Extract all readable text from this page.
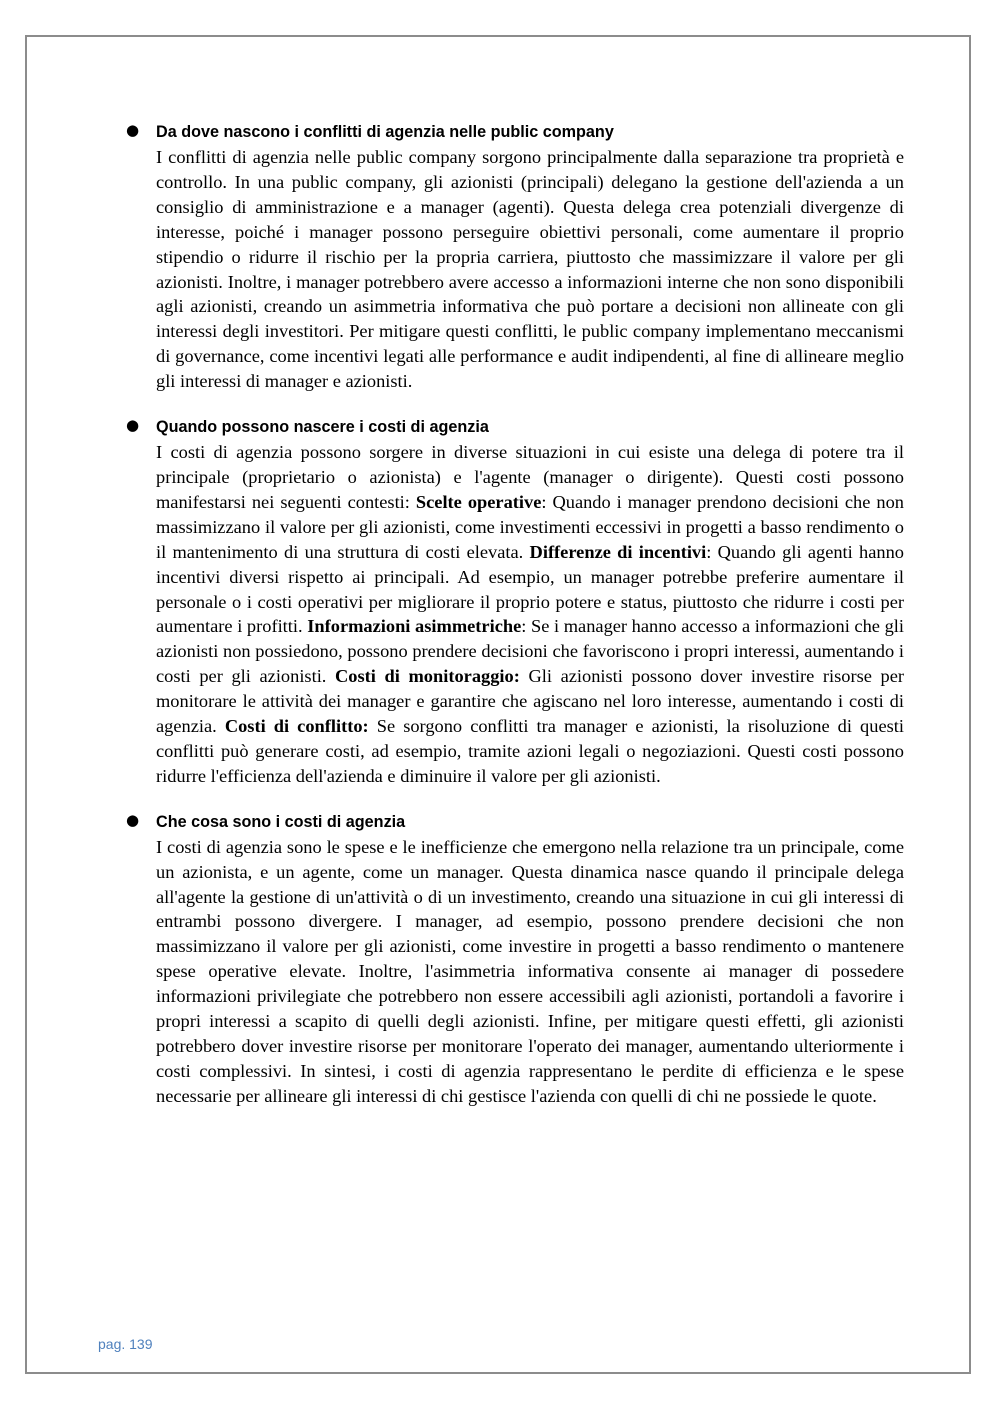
● Da dove nascono i conflitti di agenzia nelle public company

I conflitti di agenzia nelle public company sorgono principalmente dalla separazione tra proprietà e controllo. In una public company, gli azionisti (principali) delegano la gestione dell'azienda a un consiglio di amministrazione e a manager (agenti). Questa delega crea potenziali divergenze di interesse, poiché i manager possono perseguire obiettivi personali, come aumentare il proprio stipendio o ridurre il rischio per la propria carriera, piuttosto che massimizzare il valore per gli azionisti. Inoltre, i manager potrebbero avere accesso a informazioni interne che non sono disponibili agli azionisti, creando un asimmetria informativa che può portare a decisioni non allineate con gli interessi degli investitori. Per mitigare questi conflitti, le public company implementano meccanismi di governance, come incentivi legati alle performance e audit indipendenti, al fine di allineare meglio gli interessi di manager e azionisti.

● Quando possono nascere i costi di agenzia

I costi di agenzia possono sorgere in diverse situazioni in cui esiste una delega di potere tra il principale (proprietario o azionista) e l'agente (manager o dirigente). Questi costi possono manifestarsi nei seguenti contesti: Scelte operative: Quando i manager prendono decisioni che non massimizzano il valore per gli azionisti, come investimenti eccessivi in progetti a basso rendimento o il mantenimento di una struttura di costi elevata. Differenze di incentivi: Quando gli agenti hanno incentivi diversi rispetto ai principali. Ad esempio, un manager potrebbe preferire aumentare il personale o i costi operativi per migliorare il proprio potere e status, piuttosto che ridurre i costi per aumentare i profitti. Informazioni asimmetriche: Se i manager hanno accesso a informazioni che gli azionisti non possiedono, possono prendere decisioni che favoriscono i propri interessi, aumentando i costi per gli azionisti. Costi di monitoraggio: Gli azionisti possono dover investire risorse per monitorare le attività dei manager e garantire che agiscano nel loro interesse, aumentando i costi di agenzia. Costi di conflitto: Se sorgono conflitti tra manager e azionisti, la risoluzione di questi conflitti può generare costi, ad esempio, tramite azioni legali o negoziazioni. Questi costi possono ridurre l'efficienza dell'azienda e diminuire il valore per gli azionisti.

● Che cosa sono i costi di agenzia

I costi di agenzia sono le spese e le inefficienze che emergono nella relazione tra un principale, come un azionista, e un agente, come un manager. Questa dinamica nasce quando il principale delega all'agente la gestione di un'attività o di un investimento, creando una situazione in cui gli interessi di entrambi possono divergere. I manager, ad esempio, possono prendere decisioni che non massimizzano il valore per gli azionisti, come investire in progetti a basso rendimento o mantenere spese operative elevate. Inoltre, l'asimmetria informativa consente ai manager di possedere informazioni privilegiate che potrebbero non essere accessibili agli azionisti, portandoli a favorire i propri interessi a scapito di quelli degli azionisti. Infine, per mitigare questi effetti, gli azionisti potrebbero dover investire risorse per monitorare l'operato dei manager, aumentando ulteriormente i costi complessivi. In sintesi, i costi di agenzia rappresentano le perdite di efficienza e le spese necessarie per allineare gli interessi di chi gestisce l'azienda con quelli di chi ne possiede le quote.

pag. 139
